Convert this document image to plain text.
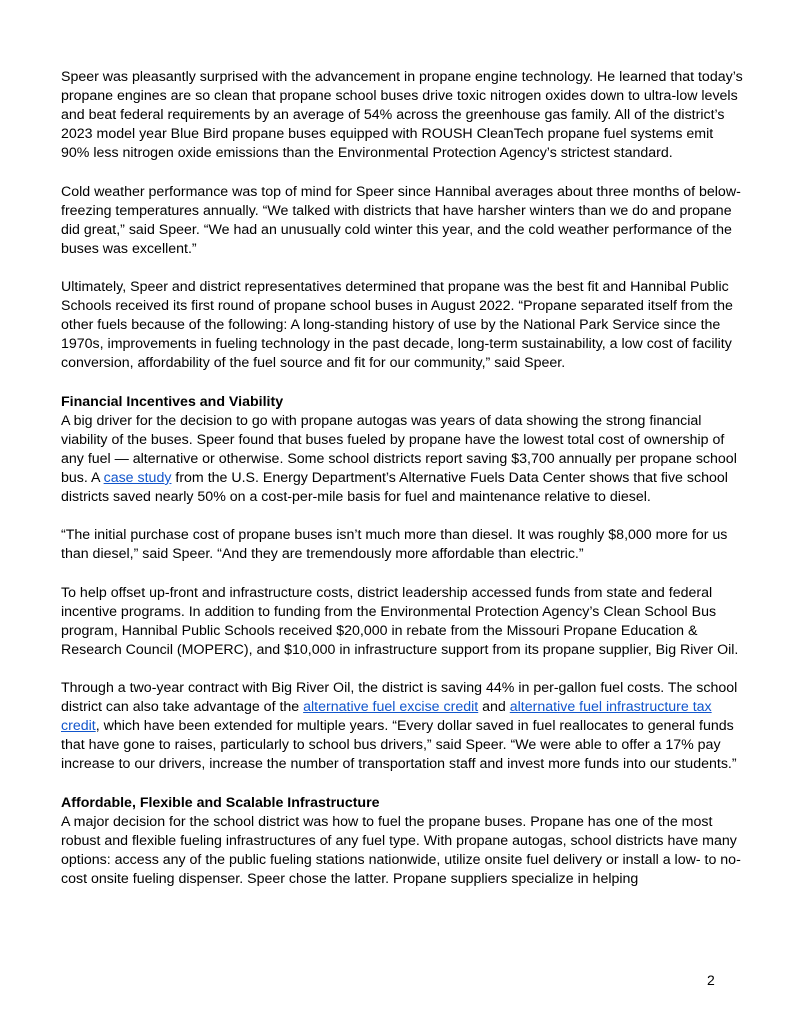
Speer was pleasantly surprised with the advancement in propane engine technology. He learned that today’s propane engines are so clean that propane school buses drive toxic nitrogen oxides down to ultra-low levels and beat federal requirements by an average of 54% across the greenhouse gas family. All of the district’s 2023 model year Blue Bird propane buses equipped with ROUSH CleanTech propane fuel systems emit 90% less nitrogen oxide emissions than the Environmental Protection Agency’s strictest standard.

Cold weather performance was top of mind for Speer since Hannibal averages about three months of below-freezing temperatures annually. “We talked with districts that have harsher winters than we do and propane did great,” said Speer. “We had an unusually cold winter this year, and the cold weather performance of the buses was excellent.”

Ultimately, Speer and district representatives determined that propane was the best fit and Hannibal Public Schools received its first round of propane school buses in August 2022. “Propane separated itself from the other fuels because of the following: A long-standing history of use by the National Park Service since the 1970s, improvements in fueling technology in the past decade, long-term sustainability, a low cost of facility conversion, affordability of the fuel source and fit for our community,” said Speer.

Financial Incentives and Viability

A big driver for the decision to go with propane autogas was years of data showing the strong financial viability of the buses. Speer found that buses fueled by propane have the lowest total cost of ownership of any fuel — alternative or otherwise. Some school districts report saving $3,700 annually per propane school bus. A case study from the U.S. Energy Department’s Alternative Fuels Data Center shows that five school districts saved nearly 50% on a cost-per-mile basis for fuel and maintenance relative to diesel.

“The initial purchase cost of propane buses isn’t much more than diesel. It was roughly $8,000 more for us than diesel,” said Speer. “And they are tremendously more affordable than electric.”

To help offset up-front and infrastructure costs, district leadership accessed funds from state and federal incentive programs. In addition to funding from the Environmental Protection Agency’s Clean School Bus program, Hannibal Public Schools received $20,000 in rebate from the Missouri Propane Education & Research Council (MOPERC), and $10,000 in infrastructure support from its propane supplier, Big River Oil.

Through a two-year contract with Big River Oil, the district is saving 44% in per-gallon fuel costs. The school district can also take advantage of the alternative fuel excise credit and alternative fuel infrastructure tax credit, which have been extended for multiple years. “Every dollar saved in fuel reallocates to general funds that have gone to raises, particularly to school bus drivers,” said Speer. “We were able to offer a 17% pay increase to our drivers, increase the number of transportation staff and invest more funds into our students.”

Affordable, Flexible and Scalable Infrastructure

A major decision for the school district was how to fuel the propane buses. Propane has one of the most robust and flexible fueling infrastructures of any fuel type. With propane autogas, school districts have many options: access any of the public fueling stations nationwide, utilize onsite fuel delivery or install a low- to no-cost onsite fueling dispenser. Speer chose the latter. Propane suppliers specialize in helping

2
